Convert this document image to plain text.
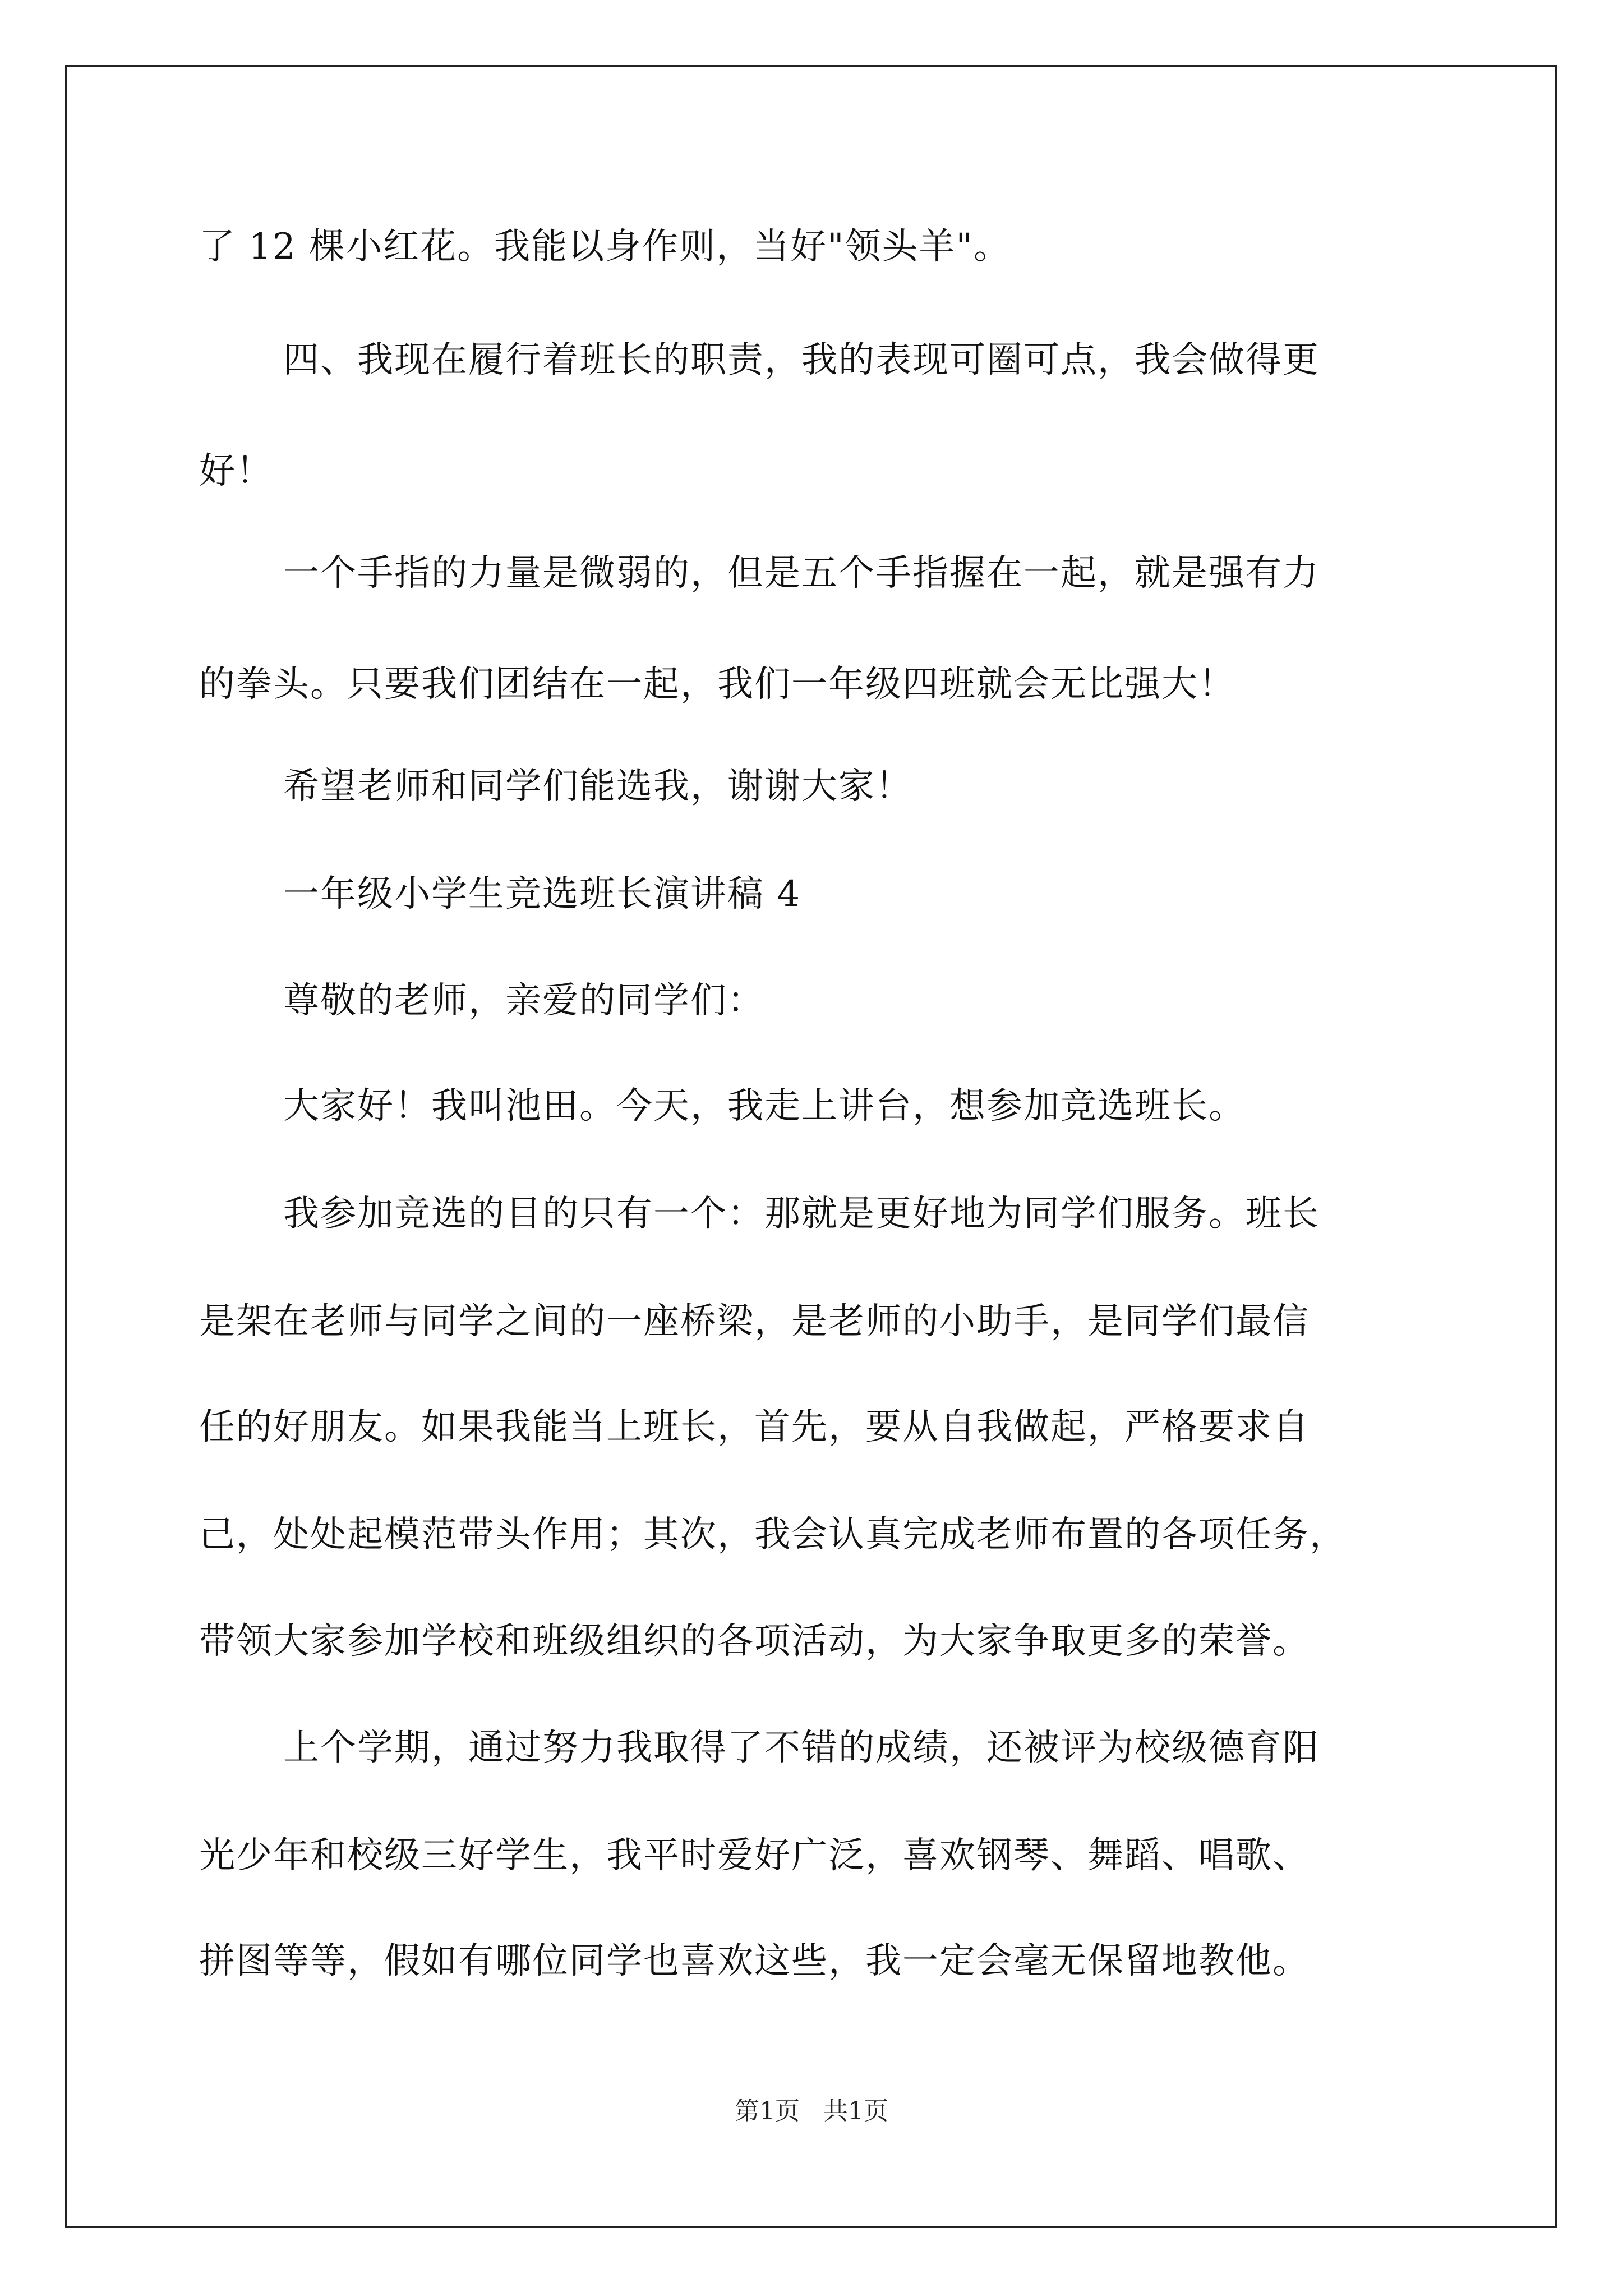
了 12 棵小红花。我能以身作则，当好"领头羊"。
四、我现在履行着班长的职责，我的表现可圈可点，我会做得更
好！
一个手指的力量是微弱的，但是五个手指握在一起，就是强有力
的拳头。只要我们团结在一起，我们一年级四班就会无比强大！
希望老师和同学们能选我，谢谢大家！
一年级小学生竞选班长演讲稿 4
尊敬的老师，亲爱的同学们：
大家好！我叫池田。今天，我走上讲台，想参加竞选班长。
我参加竞选的目的只有一个：那就是更好地为同学们服务。班长
是架在老师与同学之间的一座桥梁，是老师的小助手，是同学们最信
任的好朋友。如果我能当上班长，首先，要从自我做起，严格要求自
己，处处起模范带头作用；其次，我会认真完成老师布置的各项任务，
带领大家参加学校和班级组织的各项活动，为大家争取更多的荣誉。
上个学期，通过努力我取得了不错的成绩，还被评为校级德育阳
光少年和校级三好学生，我平时爱好广泛，喜欢钢琴、舞蹈、唱歌、
拼图等等，假如有哪位同学也喜欢这些，我一定会毫无保留地教他。
第1页   共1页
